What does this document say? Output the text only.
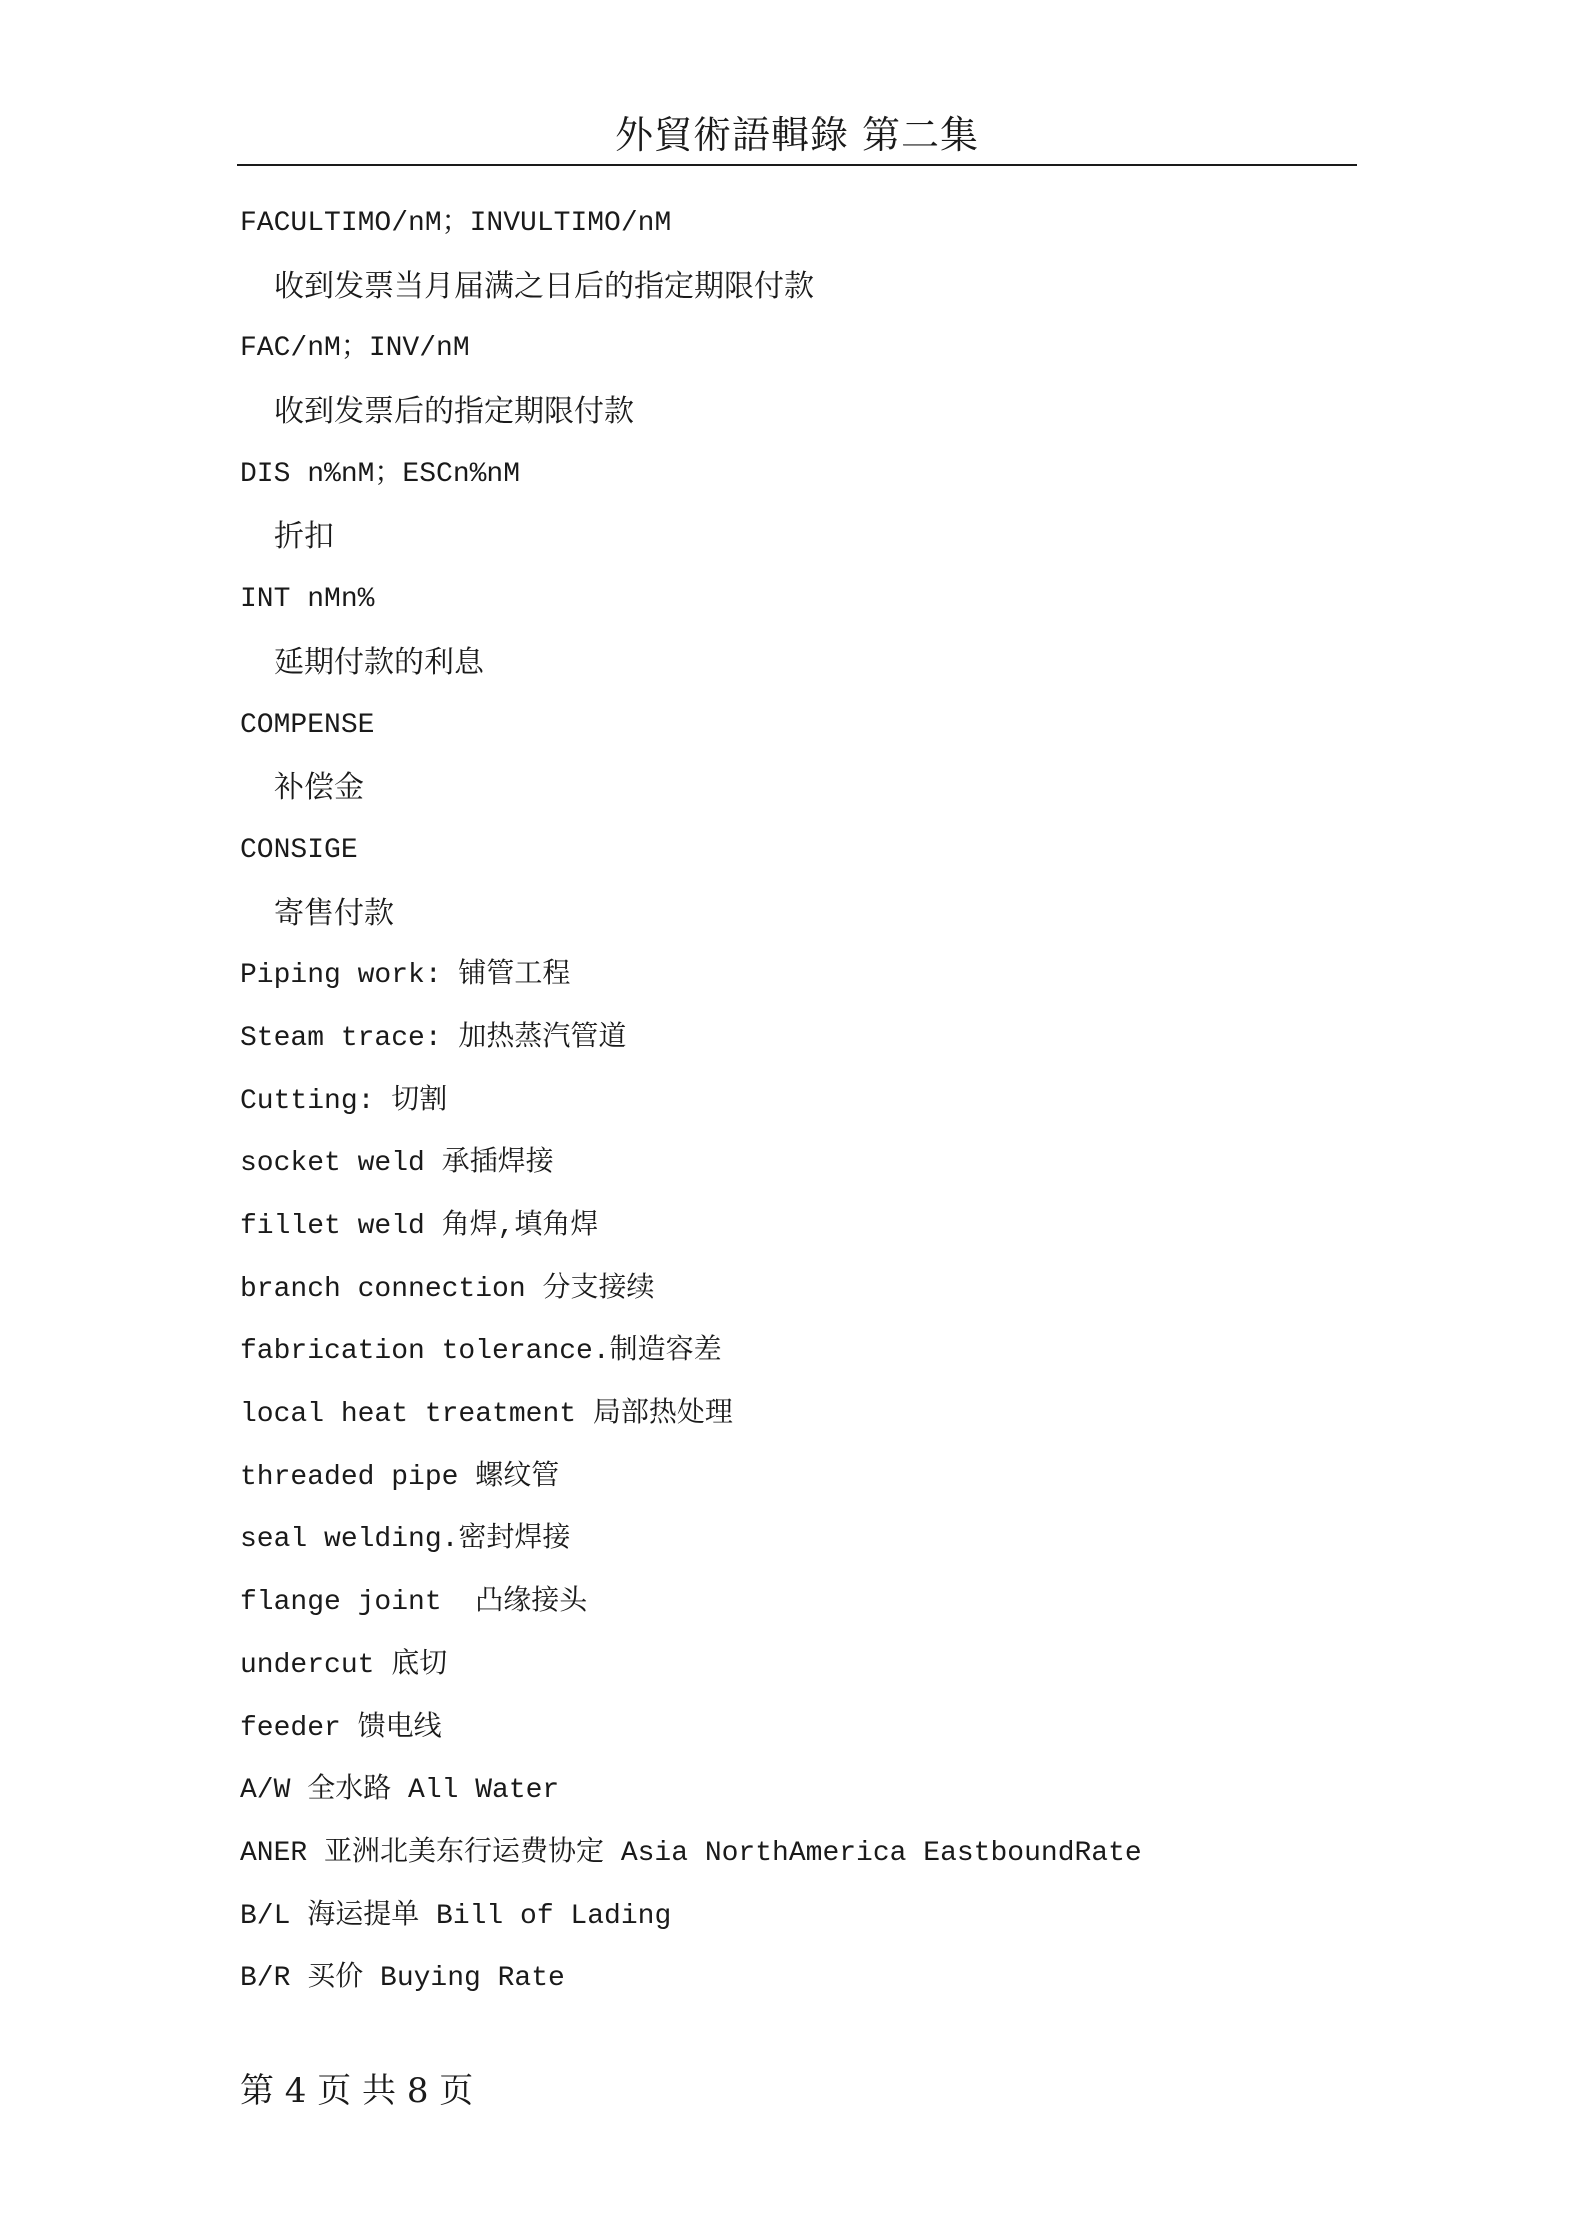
外貿術語輯錄 第二集
FACULTIMO/nM；INVULTIMO/nM
收到发票当月届满之日后的指定期限付款
FAC/nM；INV/nM
收到发票后的指定期限付款
DIS n%nM；ESCn%nM
折扣
INT nMn%
延期付款的利息
COMPENSE
补偿金
CONSIGE
寄售付款
Piping work: 铺管工程
Steam trace: 加热蒸汽管道
Cutting: 切割
socket weld 承插焊接
fillet weld 角焊,填角焊
branch connection 分支接续
fabrication tolerance.制造容差
local heat treatment 局部热处理
threaded pipe 螺纹管
seal welding.密封焊接
flange joint  凸缘接头
undercut 底切
feeder 馈电线
A/W 全水路 All Water
ANER 亚洲北美东行运费协定 Asia NorthAmerica EastboundRate
B/L 海运提单 Bill of Lading
B/R 买价 Buying Rate
第 4 页 共 8 页
